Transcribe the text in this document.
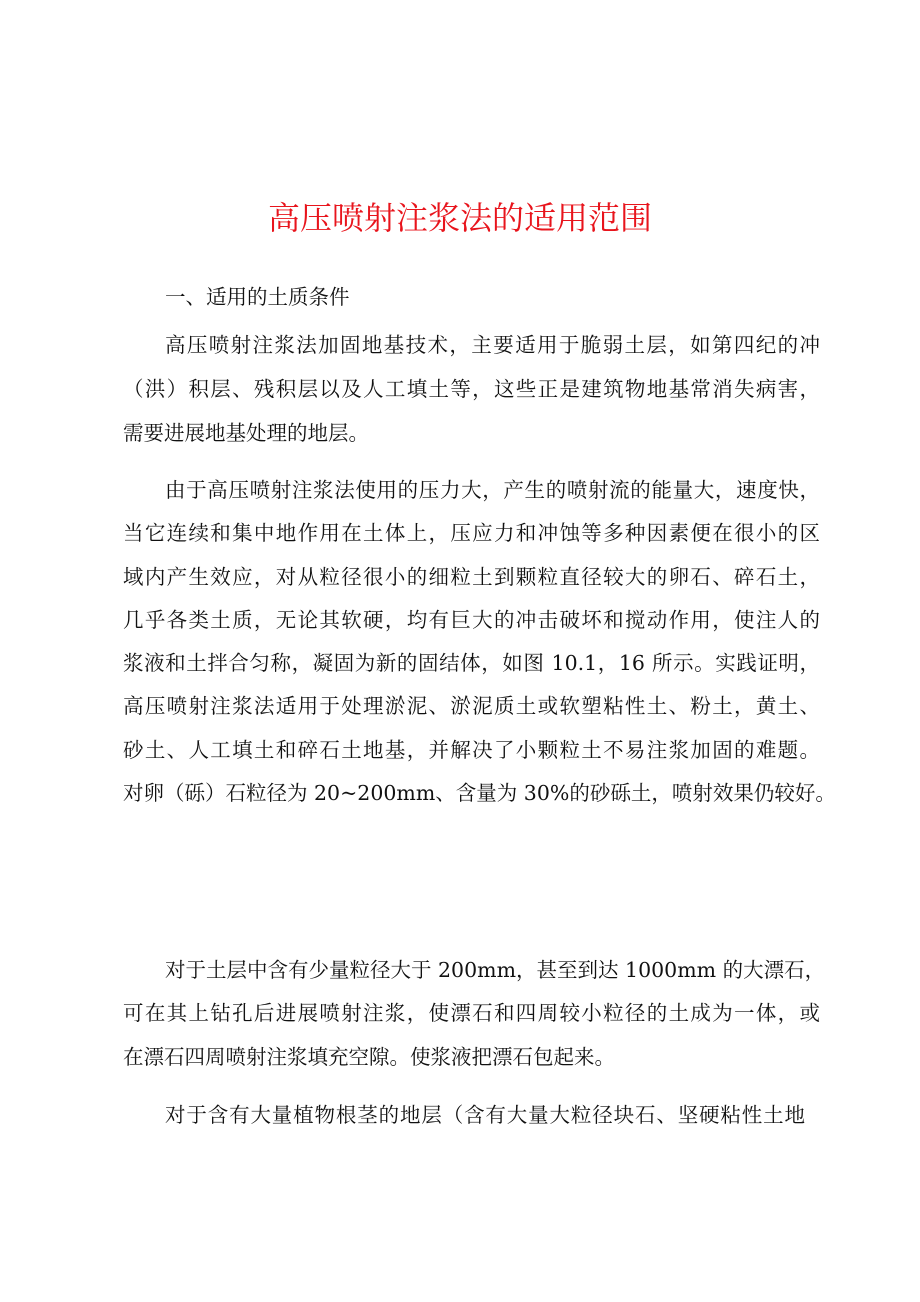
高压喷射注浆法的适用范围
一、适用的土质条件
高压喷射注浆法加固地基技术，主要适用于脆弱土层，如第四纪的冲
（洪）积层、残积层以及人工填土等，这些正是建筑物地基常消失病害，
需要进展地基处理的地层。
由于高压喷射注浆法使用的压力大，产生的喷射流的能量大，速度快，
当它连续和集中地作用在土体上，压应力和冲蚀等多种因素便在很小的区
域内产生效应，对从粒径很小的细粒土到颗粒直径较大的卵石、碎石土，
几乎各类土质，无论其软硬，均有巨大的冲击破坏和搅动作用，使注人的
浆液和土拌合匀称，凝固为新的固结体，如图 10.1，16 所示。实践证明，
高压喷射注浆法适用于处理淤泥、淤泥质土或软塑粘性土、粉土，黄土、
砂土、人工填土和碎石土地基，并解决了小颗粒土不易注浆加固的难题。
对卵（砾）石粒径为 20~200mm、含量为 30%的砂砾土，喷射效果仍较好。
对于土层中含有少量粒径大于 200mm，甚至到达 1000mm 的大漂石，
可在其上钻孔后进展喷射注浆，使漂石和四周较小粒径的土成为一体，或
在漂石四周喷射注浆填充空隙。使浆液把漂石包起来。
对于含有大量植物根茎的地层（含有大量大粒径块石、坚硬粘性土地
